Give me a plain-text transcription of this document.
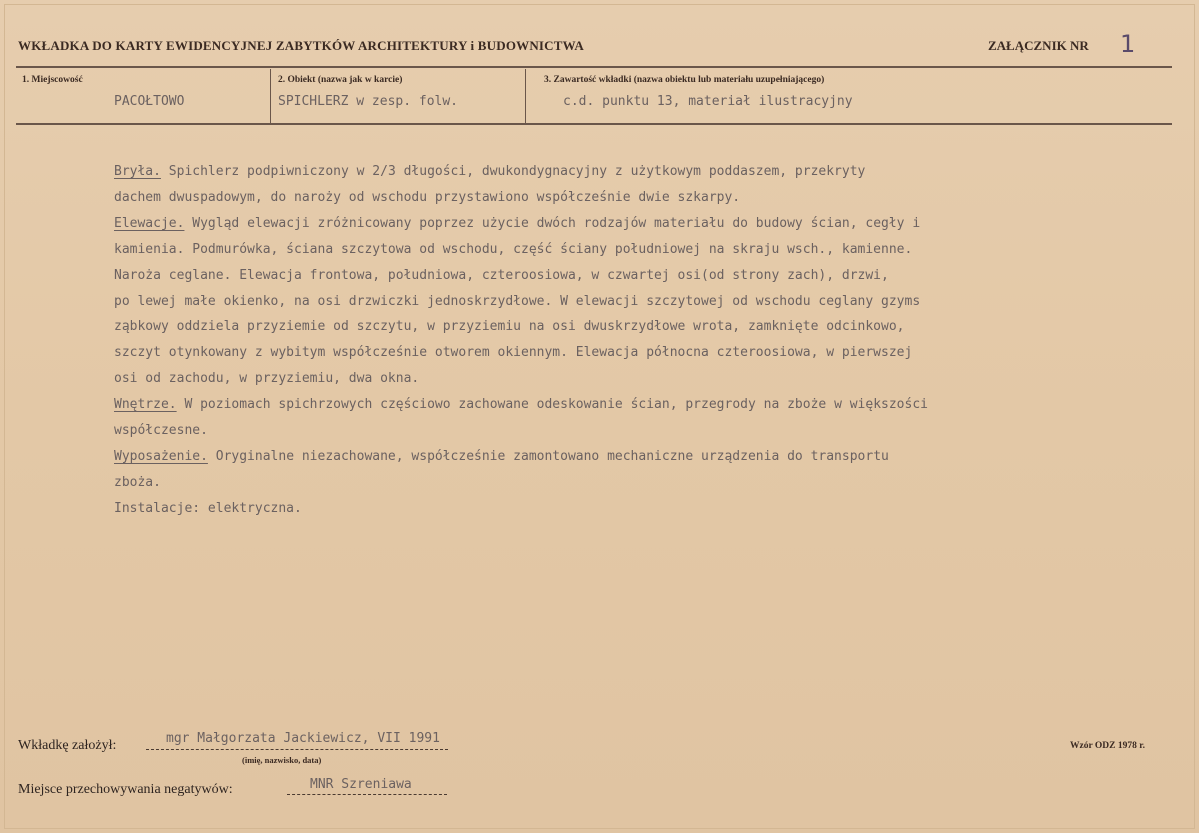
WKŁADKA DO KARTY EWIDENCYJNEJ ZABYTKÓW ARCHITEKTURY i BUDOWNICTWA	ZAŁĄCZNIK NR 1
1. Miejscowość
PACOŁTOWO
2. Obiekt (nazwa jak w karcie)
SPICHLERZ w zesp. folw.
3. Zawartość wkładki (nazwa obiektu lub materiału uzupełniającego)
c.d. punktu 13, materiał ilustracyjny
Bryła. Spichlerz podpiwniczony w 2/3 długości, dwukondygnacyjny z użytkowym poddaszem, przekryty
dachem dwuspadowym, do naroży od wschodu przystawiono współcześnie dwie szkarpy.
Elewacje. Wygląd elewacji zróżnicowany poprzez użycie dwóch rodzajów materiału do budowy ścian, cegły i
kamienia. Podmurówka, ściana szczytowa od wschodu, część ściany południowej na skraju wsch., kamienne.
Naroża ceglane. Elewacja frontowa, południowa, czteroosiowa, w czwartej osi(od strony zach), drzwi,
po lewej małe okienko, na osi drzwiczki jednoskrzydłowe. W elewacji szczytowej od wschodu ceglany gzyms
ząbkowy oddziela przyziemie od szczytu, w przyziemiu na osi dwuskrzydłowe wrota, zamknięte odcinkowo,
szczyt otynkowany z wybitym współcześnie otworem okiennym. Elewacja północna czteroosiowa, w pierwszej
osi od zachodu, w przyziemiu, dwa okna.
Wnętrze. W poziomach spichrzowych częściowo zachowane odeskowanie ścian, przegrody na zboże w większości
współczesne.
Wyposażenie. Oryginalne niezachowane, współcześnie zamontowano mechaniczne urządzenia do transportu
zboża.
Instalacje: elektryczna.
Wkładkę założył:	mgr Małgorzata Jackiewicz, VII 1991
(imię, nazwisko, data)
Wzór ODZ 1978 r.
Miejsce przechowywania negatywów:	MNR Szreniawa
